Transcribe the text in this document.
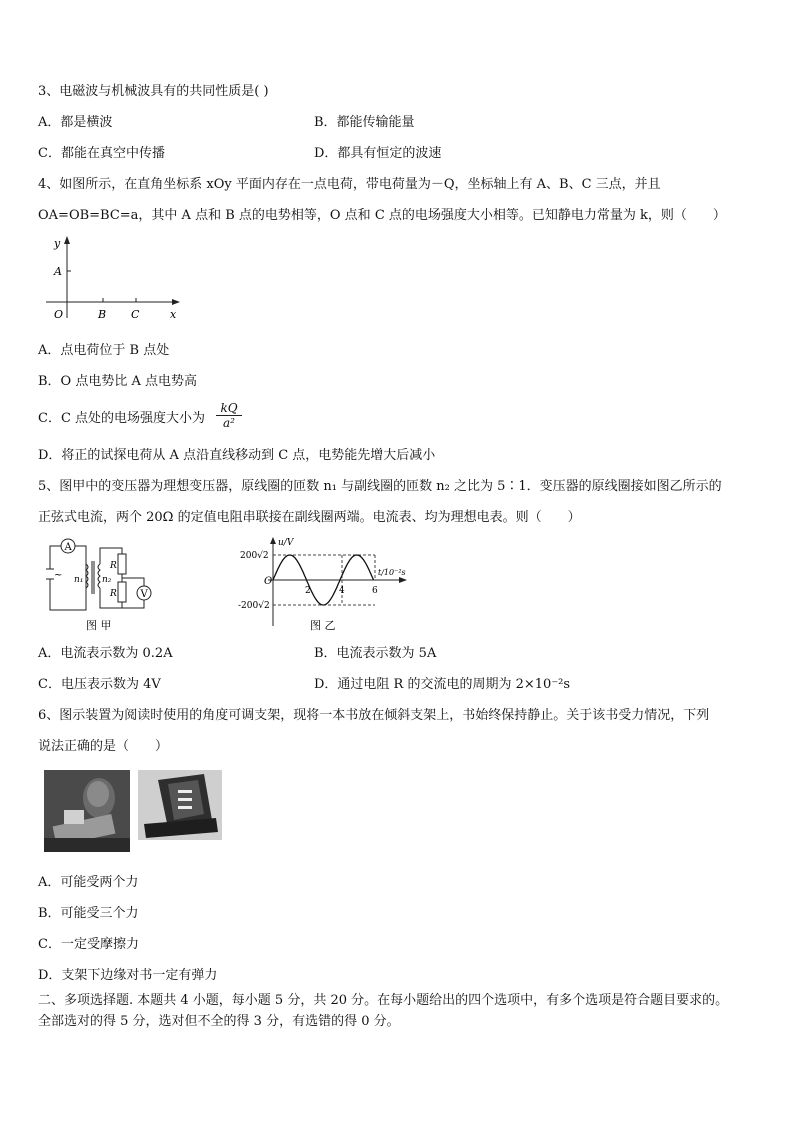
3、电磁波与机械波具有的共同性质是( )
A．都是横波	B．都能传输能量
C．都能在真空中传播	D．都具有恒定的波速
4、如图所示，在直角坐标系 xOy 平面内存在一点电荷，带电荷量为－Q，坐标轴上有 A、B、C 三点，并且
OA=OB=BC=a，其中 A 点和 B 点的电势相等，O 点和 C 点的电场强度大小相等。已知静电力常量为 k，则（　　）
y
A
O	B C	x
A．点电荷位于 B 点处
B．O 点电势比 A 点电势高
C．C 点处的电场强度大小为 $\frac{kQ}{\text{a²}}$
D．将正的试探电荷从 A 点沿直线移动到 C 点，电势能先增大后减小
5、图甲中的变压器为理想变压器，原线圈的匝数 n₁ 与副线圈的匝数 n₂ 之比为 5∶1．变压器的原线圈接如图乙所示的
正弦式电流，两个 20Ω 的定值电阻串联接在副线圈两端。电流表、均为理想电表。则（　　）
A
~ n₁ n₂
R
R V
图 甲
u/V
200√2
-200√2
O
2	4	6
t/10⁻²s
图 乙
A．电流表示数为 0.2A	B．电流表示数为 5A
C．电压表示数为 4V	D．通过电阻 R 的交流电的周期为 2×10⁻²s
6、图示装置为阅读时使用的角度可调支架，现将一本书放在倾斜支架上，书始终保持静止。关于该书受力情况，下列
说法正确的是（　　）
A．可能受两个力
B．可能受三个力
C．一定受摩擦力
D．支架下边缘对书一定有弹力
二、多项选择题. 本题共 4 小题，每小题 5 分，共 20 分。在每小题给出的四个选项中，有多个选项是符合题目要求的。
全部选对的得 5 分，选对但不全的得 3 分，有选错的得 0 分。
